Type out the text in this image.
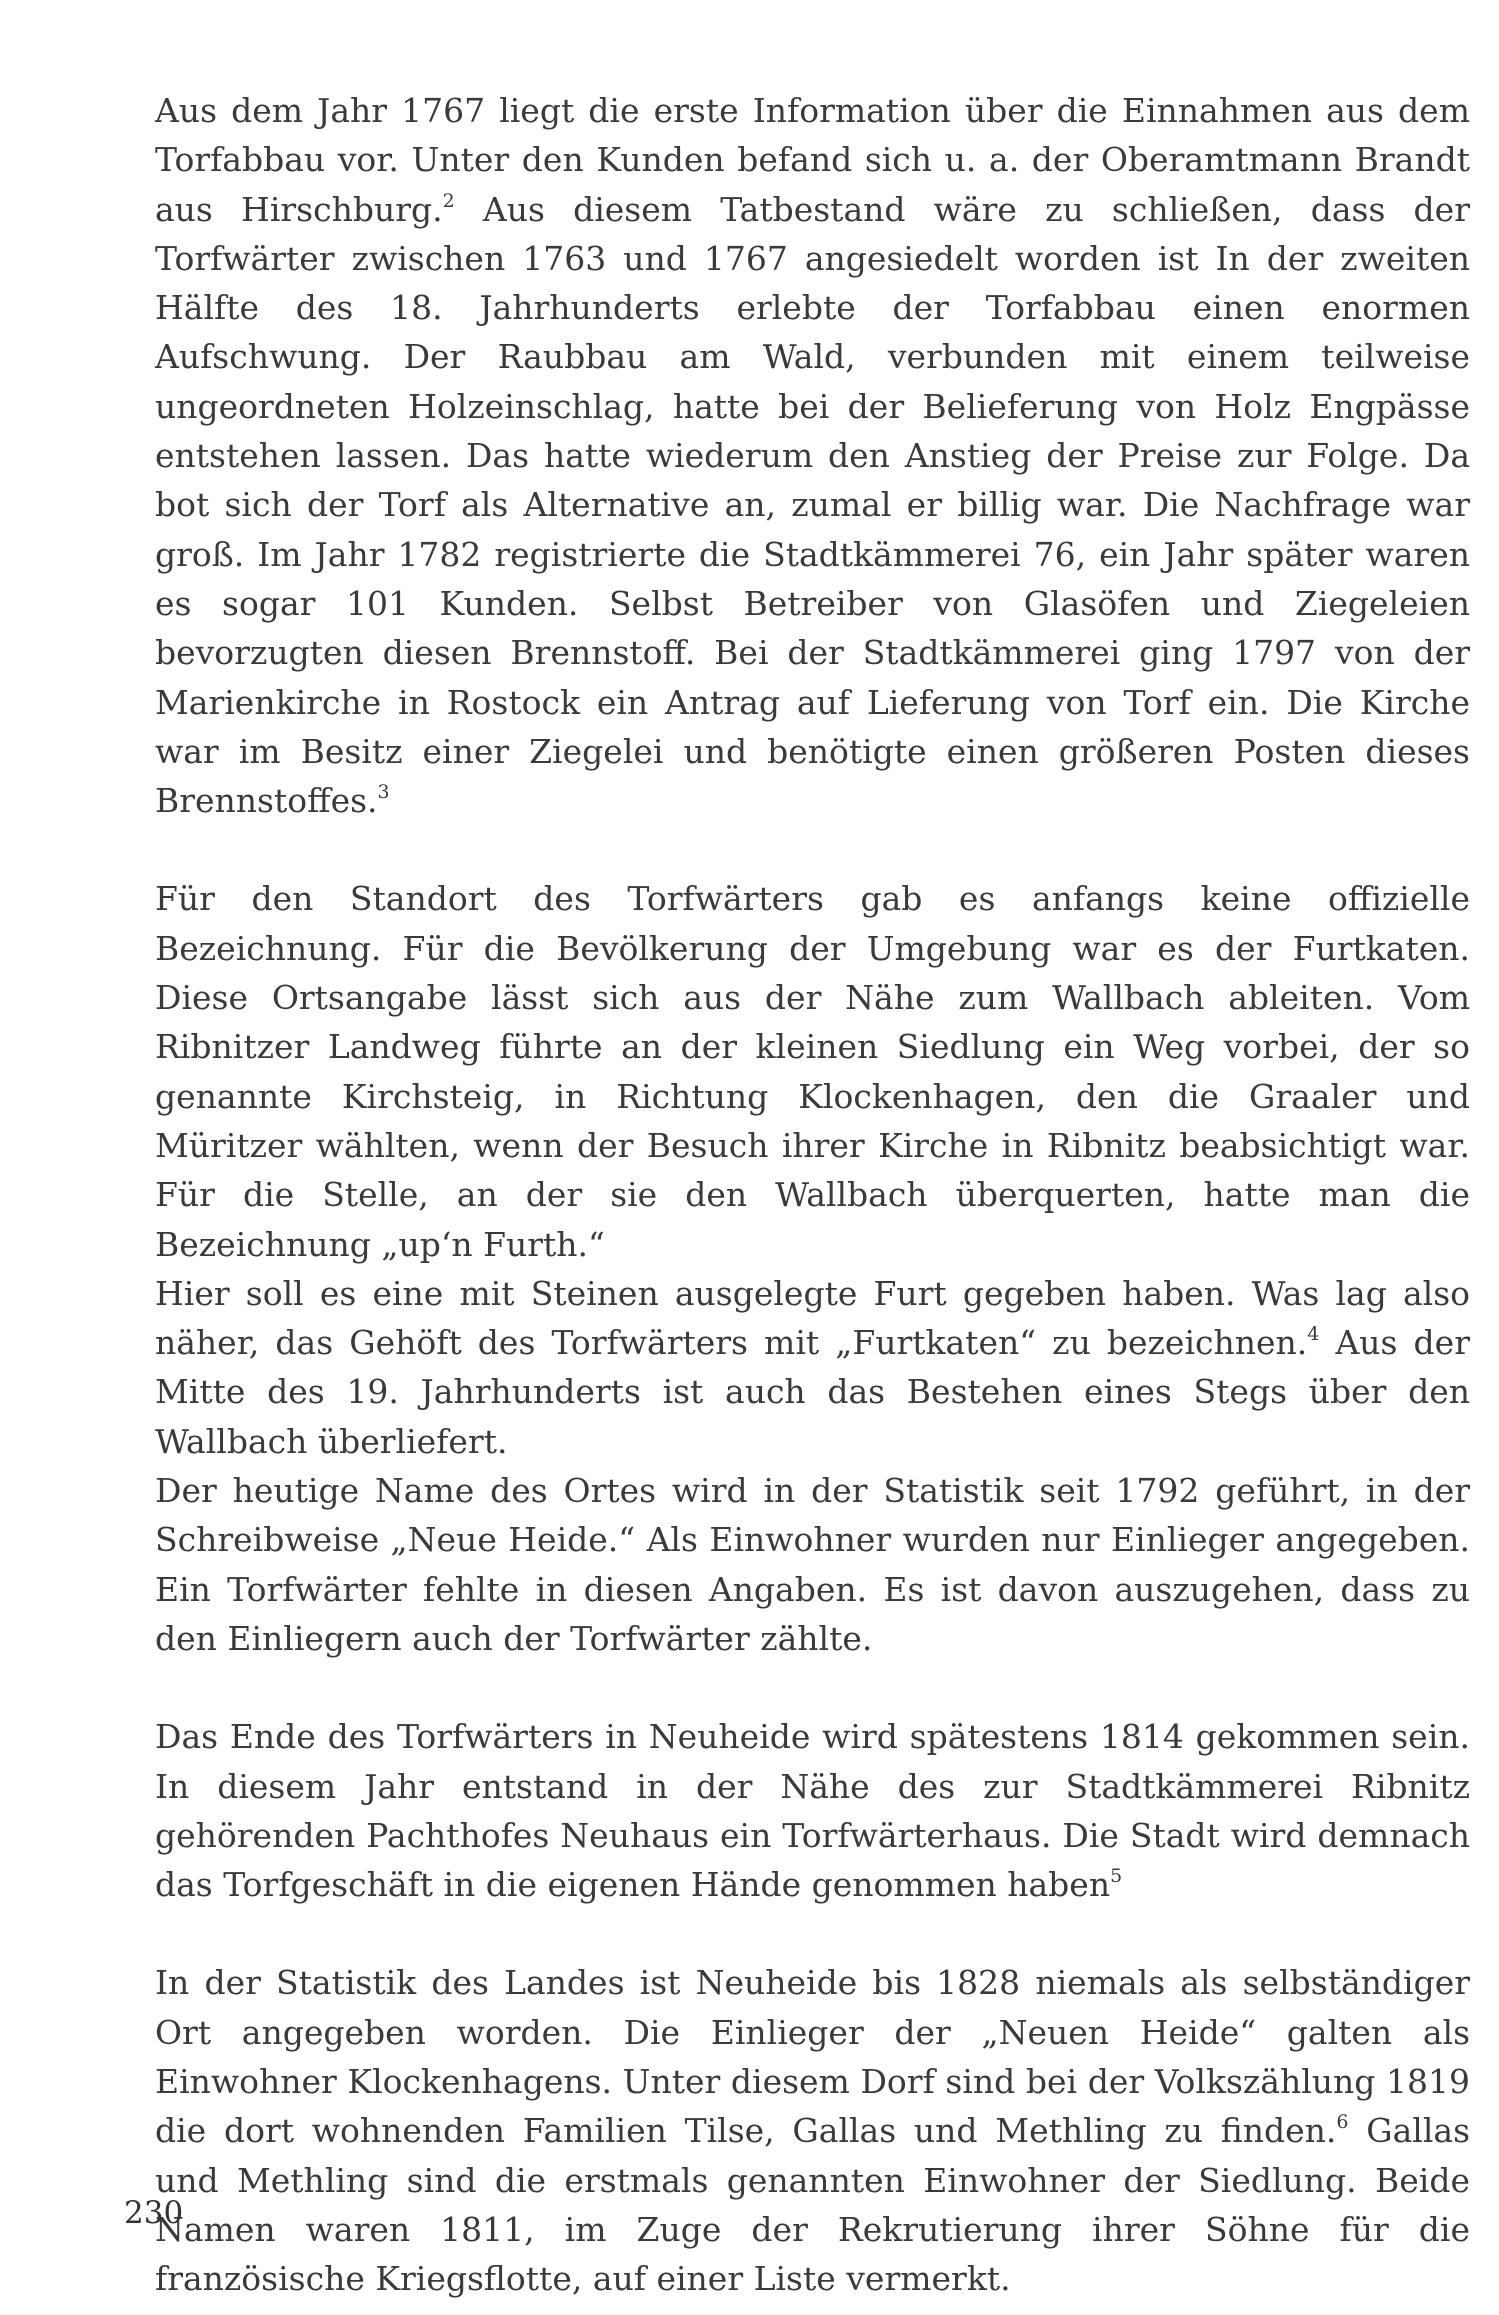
Aus dem Jahr 1767 liegt die erste Information über die Einnahmen aus dem Torfabbau vor. Unter den Kunden befand sich u. a. der Oberamtmann Brandt aus Hirschburg.$^2$ Aus diesem Tatbestand wäre zu schließen, dass der Torfwärter zwischen 1763 und 1767 angesiedelt worden ist In der zweiten Hälfte des 18. Jahrhunderts erlebte der Torfabbau einen enormen Aufschwung. Der Raubbau am Wald, verbunden mit einem teilweise ungeordneten Holzeinschlag, hatte bei der Belieferung von Holz Engpässe entstehen lassen. Das hatte wiederum den Anstieg der Preise zur Folge. Da bot sich der Torf als Alternative an, zumal er billig war. Die Nachfrage war groß. Im Jahr 1782 registrierte die Stadtkämmerei 76, ein Jahr später waren es sogar 101 Kunden. Selbst Betreiber von Glasöfen und Ziegeleien bevorzugten diesen Brennstoff. Bei der Stadtkämmerei ging 1797 von der Marienkirche in Rostock ein Antrag auf Lieferung von Torf ein. Die Kirche war im Besitz einer Ziegelei und benötigte einen größeren Posten dieses Brennstoffes.$^3$

Für den Standort des Torfwärters gab es anfangs keine offizielle Bezeichnung. Für die Bevölkerung der Umgebung war es der Furtkaten. Diese Ortsangabe lässt sich aus der Nähe zum Wallbach ableiten. Vom Ribnitzer Landweg führte an der kleinen Siedlung ein Weg vorbei, der so genannte Kirchsteig, in Richtung Klockenhagen, den die Graaler und Müritzer wählten, wenn der Besuch ihrer Kirche in Ribnitz beabsichtigt war. Für die Stelle, an der sie den Wallbach überquerten, hatte man die Bezeichnung „up‘n Furth.“

Hier soll es eine mit Steinen ausgelegte Furt gegeben haben. Was lag also näher, das Gehöft des Torfwärters mit „Furtkaten“ zu bezeichnen.$^4$ Aus der Mitte des 19. Jahrhunderts ist auch das Bestehen eines Stegs über den Wallbach überliefert.

Der heutige Name des Ortes wird in der Statistik seit 1792 geführt, in der Schreibweise „Neue Heide.“ Als Einwohner wurden nur Einlieger angegeben. Ein Torfwärter fehlte in diesen Angaben. Es ist davon auszugehen, dass zu den Einliegern auch der Torfwärter zählte.

Das Ende des Torfwärters in Neuheide wird spätestens 1814 gekommen sein. In diesem Jahr entstand in der Nähe des zur Stadtkämmerei Ribnitz gehörenden Pachthofes Neuhaus ein Torfwärterhaus. Die Stadt wird demnach das Torfgeschäft in die eigenen Hände genommen haben$^5$

In der Statistik des Landes ist Neuheide bis 1828 niemals als selbständiger Ort angegeben worden. Die Einlieger der „Neuen Heide“ galten als Einwohner Klockenhagens. Unter diesem Dorf sind bei der Volkszählung 1819 die dort wohnenden Familien Tilse, Gallas und Methling zu finden.$^6$ Gallas und Methling sind die erstmals genannten Einwohner der Siedlung. Beide Namen waren 1811, im Zuge der Rekrutierung ihrer Söhne für die französische Kriegsflotte, auf einer Liste vermerkt.

230
